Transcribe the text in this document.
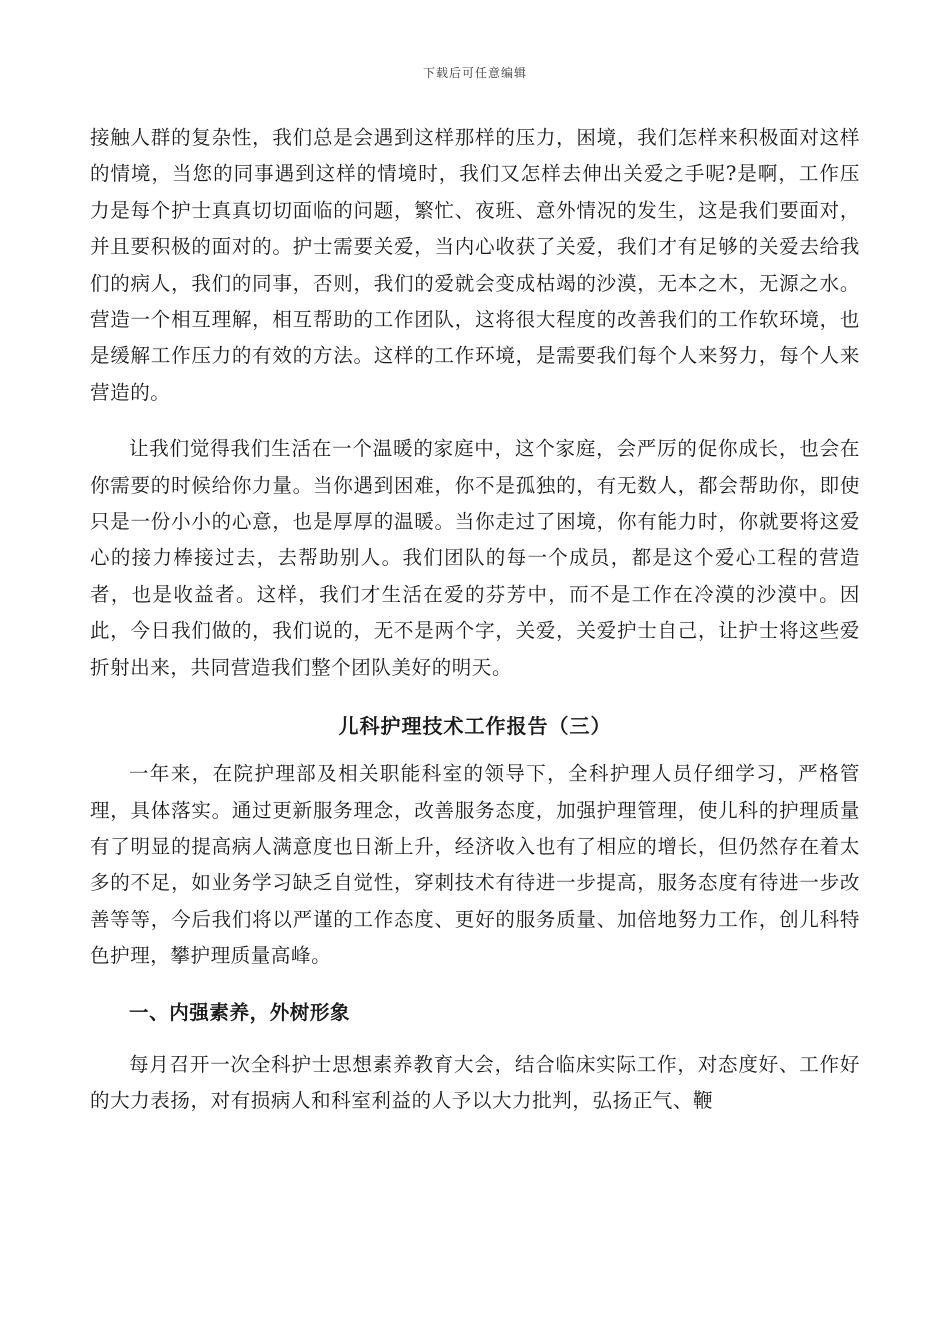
下载后可任意编辑

接触人群的复杂性，我们总是会遇到这样那样的压力，困境，我们怎样来积极面对这样的情境，当您的同事遇到这样的情境时，我们又怎样去伸出关爱之手呢?是啊，工作压力是每个护士真真切切面临的问题，繁忙、夜班、意外情况的发生，这是我们要面对，并且要积极的面对的。护士需要关爱，当内心收获了关爱，我们才有足够的关爱去给我们的病人，我们的同事，否则，我们的爱就会变成枯竭的沙漠，无本之木，无源之水。营造一个相互理解，相互帮助的工作团队，这将很大程度的改善我们的工作软环境，也是缓解工作压力的有效的方法。这样的工作环境，是需要我们每个人来努力，每个人来营造的。

让我们觉得我们生活在一个温暖的家庭中，这个家庭，会严厉的促你成长，也会在你需要的时候给你力量。当你遇到困难，你不是孤独的，有无数人，都会帮助你，即使只是一份小小的心意，也是厚厚的温暖。当你走过了困境，你有能力时，你就要将这爱心的接力棒接过去，去帮助别人。我们团队的每一个成员，都是这个爱心工程的营造者，也是收益者。这样，我们才生活在爱的芬芳中，而不是工作在冷漠的沙漠中。因此，今日我们做的，我们说的，无不是两个字，关爱，关爱护士自己，让护士将这些爱折射出来，共同营造我们整个团队美好的明天。

儿科护理技术工作报告（三）

一年来，在院护理部及相关职能科室的领导下，全科护理人员仔细学习，严格管理，具体落实。通过更新服务理念，改善服务态度，加强护理管理，使儿科的护理质量有了明显的提高病人满意度也日渐上升，经济收入也有了相应的增长，但仍然存在着太多的不足，如业务学习缺乏自觉性，穿刺技术有待进一步提高，服务态度有待进一步改善等等，今后我们将以严谨的工作态度、更好的服务质量、加倍地努力工作，创儿科特色护理，攀护理质量高峰。

一、内强素养，外树形象

每月召开一次全科护士思想素养教育大会，结合临床实际工作，对态度好、工作好的大力表扬，对有损病人和科室利益的人予以大力批判，弘扬正气、鞭
